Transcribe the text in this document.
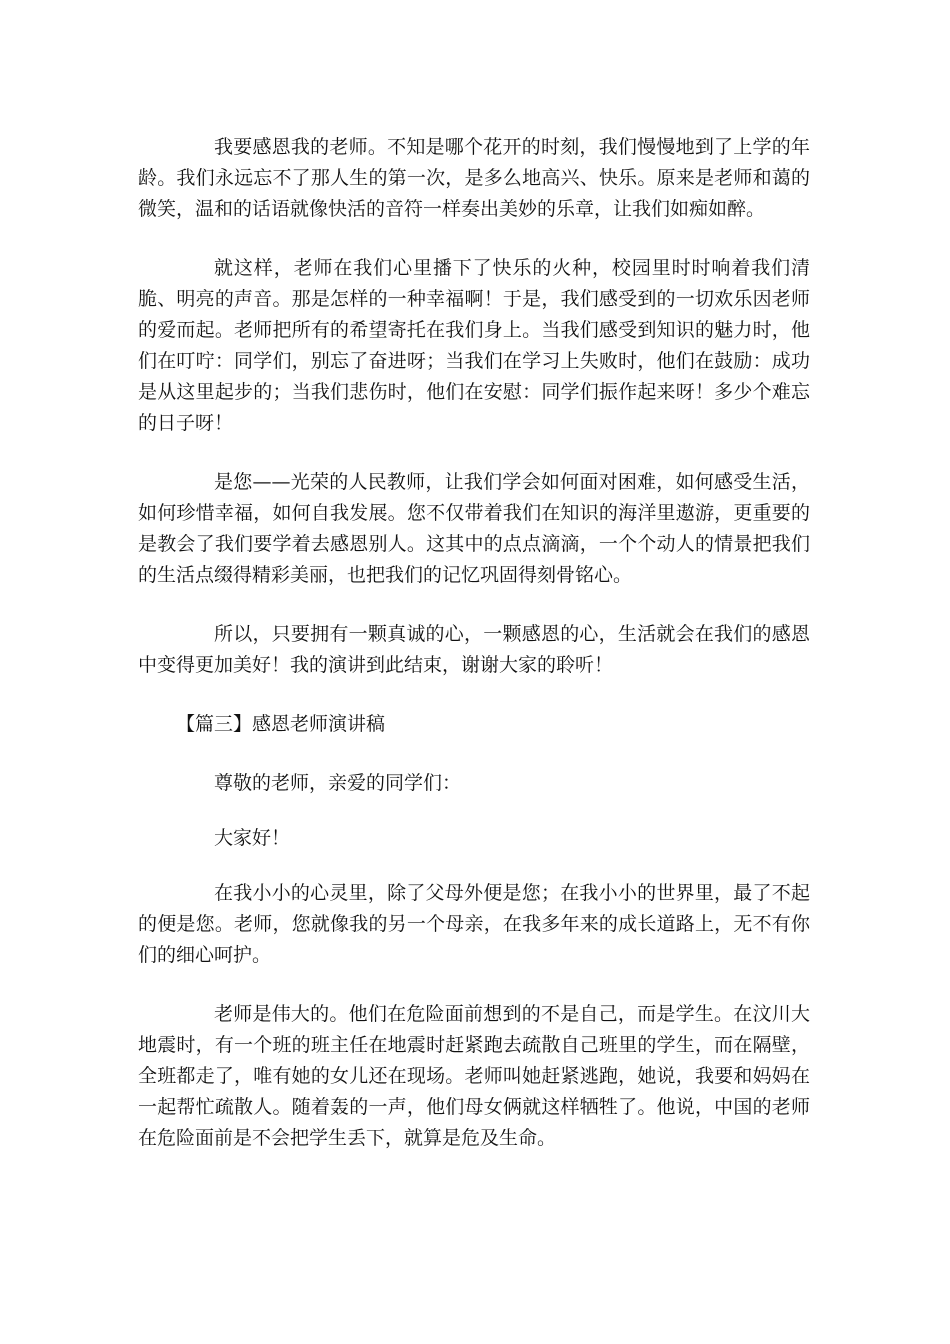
我要感恩我的老师。不知是哪个花开的时刻，我们慢慢地到了上学的年龄。我们永远忘不了那人生的第一次，是多么地高兴、快乐。原来是老师和蔼的微笑，温和的话语就像快活的音符一样奏出美妙的乐章，让我们如痴如醉。

就这样，老师在我们心里播下了快乐的火种，校园里时时响着我们清脆、明亮的声音。那是怎样的一种幸福啊！于是，我们感受到的一切欢乐因老师的爱而起。老师把所有的希望寄托在我们身上。当我们感受到知识的魅力时，他们在叮咛：同学们，别忘了奋进呀；当我们在学习上失败时，他们在鼓励：成功是从这里起步的；当我们悲伤时，他们在安慰：同学们振作起来呀！多少个难忘的日子呀！

是您——光荣的人民教师，让我们学会如何面对困难，如何感受生活，如何珍惜幸福，如何自我发展。您不仅带着我们在知识的海洋里遨游，更重要的是教会了我们要学着去感恩别人。这其中的点点滴滴，一个个动人的情景把我们的生活点缀得精彩美丽，也把我们的记忆巩固得刻骨铭心。

所以，只要拥有一颗真诚的心，一颗感恩的心，生活就会在我们的感恩中变得更加美好！我的演讲到此结束，谢谢大家的聆听！

【篇三】感恩老师演讲稿

尊敬的老师，亲爱的同学们：

大家好！

在我小小的心灵里，除了父母外便是您；在我小小的世界里，最了不起的便是您。老师，您就像我的另一个母亲，在我多年来的成长道路上，无不有你们的细心呵护。

老师是伟大的。他们在危险面前想到的不是自己，而是学生。在汶川大地震时，有一个班的班主任在地震时赶紧跑去疏散自己班里的学生，而在隔壁，全班都走了，唯有她的女儿还在现场。老师叫她赶紧逃跑，她说，我要和妈妈在一起帮忙疏散人。随着轰的一声，他们母女俩就这样牺牲了。他说，中国的老师在危险面前是不会把学生丢下，就算是危及生命。
